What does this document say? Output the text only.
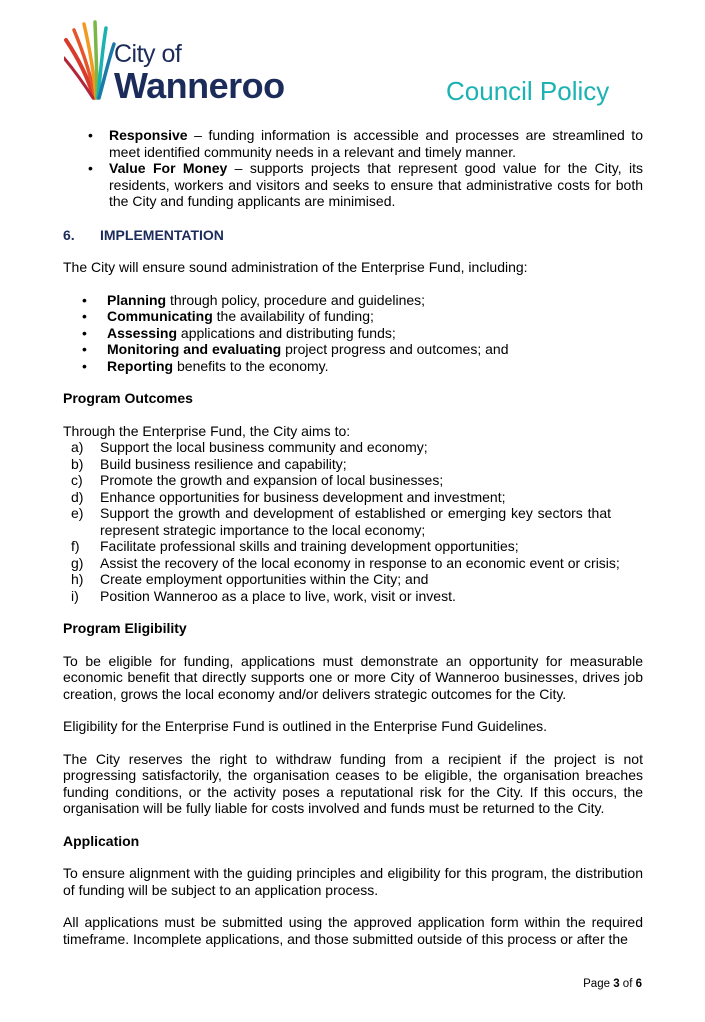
City of
Wanneroo	Council Policy
• Responsive – funding information is accessible and processes are streamlined to meet identified community needs in a relevant and timely manner.
• Value For Money – supports projects that represent good value for the City, its residents, workers and visitors and seeks to ensure that administrative costs for both the City and funding applicants are minimised.
6. IMPLEMENTATION

The City will ensure sound administration of the Enterprise Fund, including:

• Planning through policy, procedure and guidelines;
• Communicating the availability of funding;
• Assessing applications and distributing funds;
• Monitoring and evaluating project progress and outcomes; and
• Reporting benefits to the economy.

Program Outcomes

Through the Enterprise Fund, the City aims to:

a) Support the local business community and economy;
b) Build business resilience and capability;
c) Promote the growth and expansion of local businesses;
d) Enhance opportunities for business development and investment;
e) Support the growth and development of established or emerging key sectors that represent strategic importance to the local economy;
f) Facilitate professional skills and training development opportunities;
g) Assist the recovery of the local economy in response to an economic event or crisis;
h) Create employment opportunities within the City; and
i) Position Wanneroo as a place to live, work, visit or invest.

Program Eligibility

To be eligible for funding, applications must demonstrate an opportunity for measurable economic benefit that directly supports one or more City of Wanneroo businesses, drives job creation, grows the local economy and/or delivers strategic outcomes for the City.

Eligibility for the Enterprise Fund is outlined in the Enterprise Fund Guidelines.

The City reserves the right to withdraw funding from a recipient if the project is not progressing satisfactorily, the organisation ceases to be eligible, the organisation breaches funding conditions, or the activity poses a reputational risk for the City. If this occurs, the organisation will be fully liable for costs involved and funds must be returned to the City.

Application

To ensure alignment with the guiding principles and eligibility for this program, the distribution of funding will be subject to an application process.

All applications must be submitted using the approved application form within the required timeframe. Incomplete applications, and those submitted outside of this process or after the

Page 3 of 6
